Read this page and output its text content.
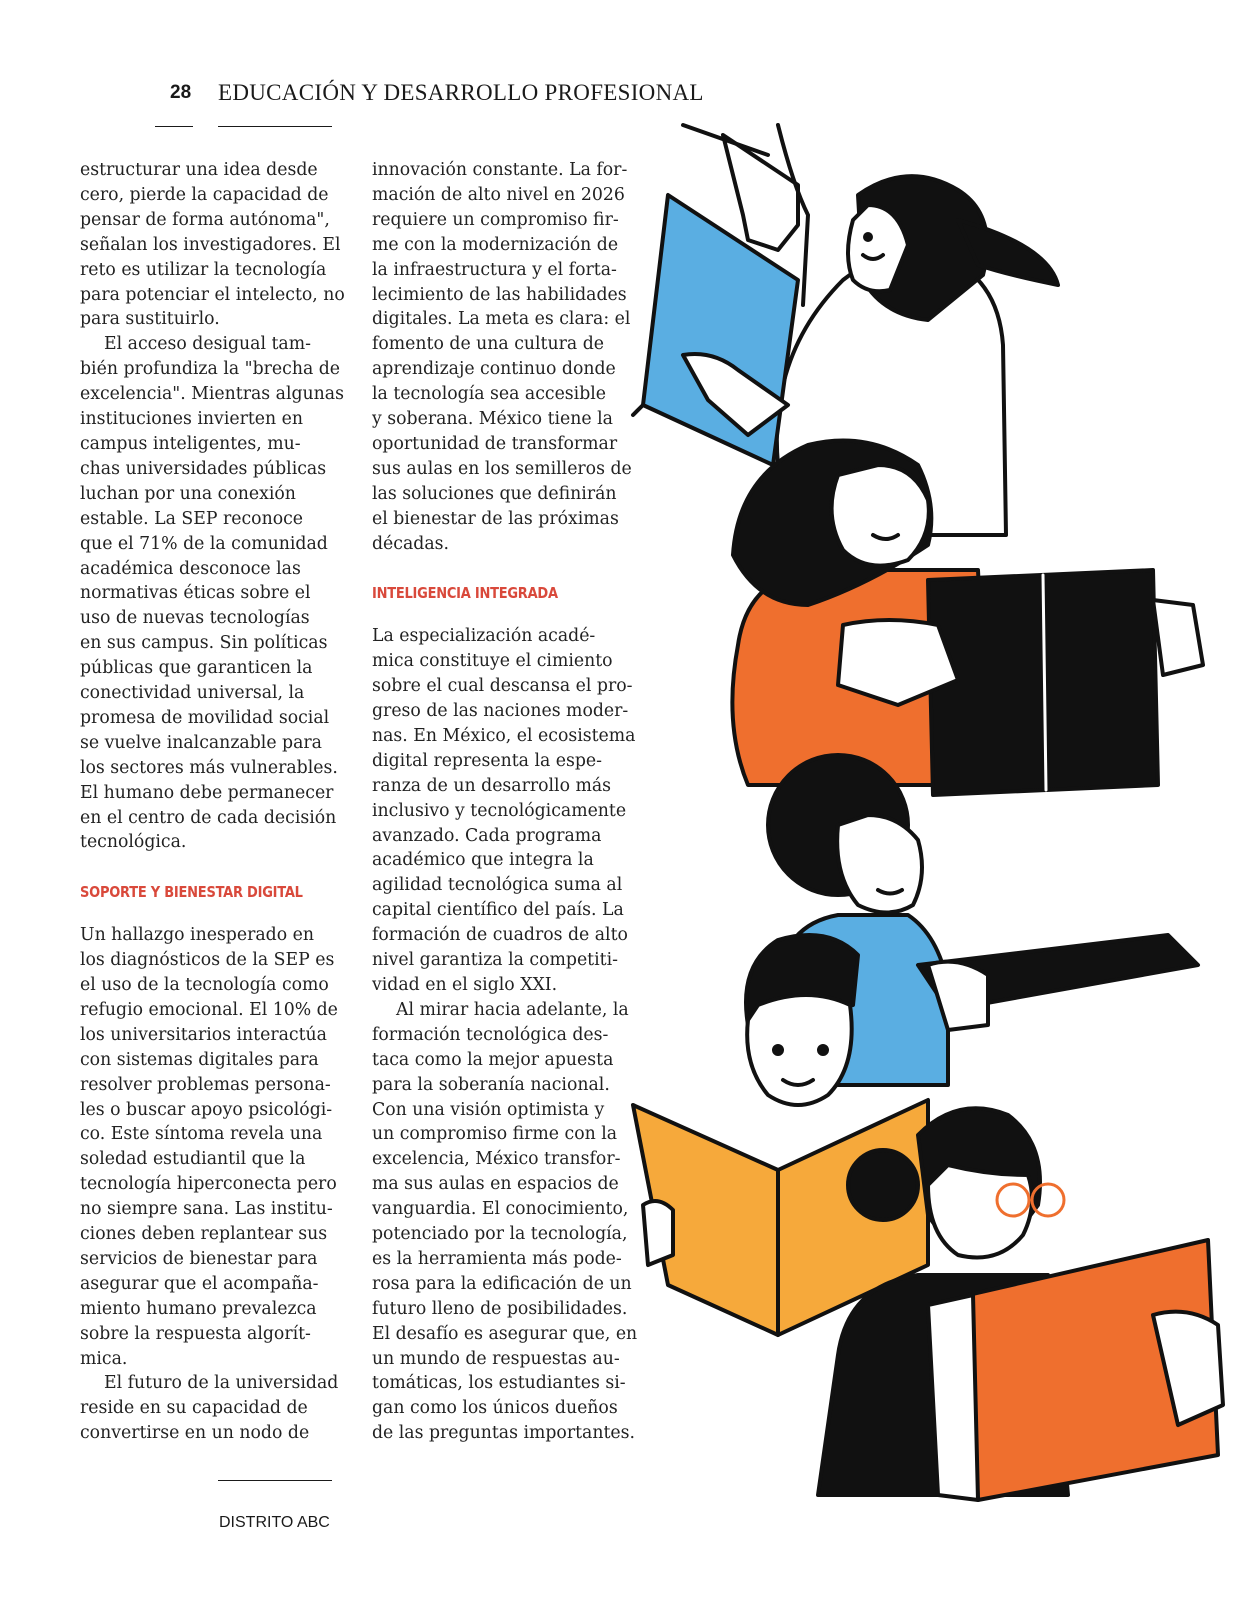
28 EDUCACIÓN Y DESARROLLO PROFESIONAL
estructurar una idea desde
cero, pierde la capacidad de
pensar de forma autónoma",
señalan los investigadores. El
reto es utilizar la tecnología
para potenciar el intelecto, no
para sustituirlo.
El acceso desigual tam-
bién profundiza la "brecha de
excelencia". Mientras algunas
instituciones invierten en
campus inteligentes, mu-
chas universidades públicas
luchan por una conexión
estable. La SEP reconoce
que el 71% de la comunidad
académica desconoce las
normativas éticas sobre el
uso de nuevas tecnologías
en sus campus. Sin políticas
públicas que garanticen la
conectividad universal, la
promesa de movilidad social
se vuelve inalcanzable para
los sectores más vulnerables.
El humano debe permanecer
en el centro de cada decisión
tecnológica.
SOPORTE Y BIENESTAR DIGITAL
Un hallazgo inesperado en
los diagnósticos de la SEP es
el uso de la tecnología como
refugio emocional. El 10% de
los universitarios interactúa
con sistemas digitales para
resolver problemas persona-
les o buscar apoyo psicológi-
co. Este síntoma revela una
soledad estudiantil que la
tecnología hiperconecta pero
no siempre sana. Las institu-
ciones deben replantear sus
servicios de bienestar para
asegurar que el acompaña-
miento humano prevalezca
sobre la respuesta algorít-
mica.
El futuro de la universidad
reside en su capacidad de
convertirse en un nodo de
innovación constante. La for-
mación de alto nivel en 2026
requiere un compromiso fir-
me con la modernización de
la infraestructura y el forta-
lecimiento de las habilidades
digitales. La meta es clara: el
fomento de una cultura de
aprendizaje continuo donde
la tecnología sea accesible
y soberana. México tiene la
oportunidad de transformar
sus aulas en los semilleros de
las soluciones que definirán
el bienestar de las próximas
décadas.
INTELIGENCIA INTEGRADA
La especialización acadé-
mica constituye el cimiento
sobre el cual descansa el pro-
greso de las naciones moder-
nas. En México, el ecosistema
digital representa la espe-
ranza de un desarrollo más
inclusivo y tecnológicamente
avanzado. Cada programa
académico que integra la
agilidad tecnológica suma al
capital científico del país. La
formación de cuadros de alto
nivel garantiza la competiti-
vidad en el siglo XXI.
Al mirar hacia adelante, la
formación tecnológica des-
taca como la mejor apuesta
para la soberanía nacional.
Con una visión optimista y
un compromiso firme con la
excelencia, México transfor-
ma sus aulas en espacios de
vanguardia. El conocimiento,
potenciado por la tecnología,
es la herramienta más pode-
rosa para la edificación de un
futuro lleno de posibilidades.
El desafío es asegurar que, en
un mundo de respuestas au-
tomáticas, los estudiantes si-
gan como los únicos dueños
de las preguntas importantes.
DISTRITO ABC
